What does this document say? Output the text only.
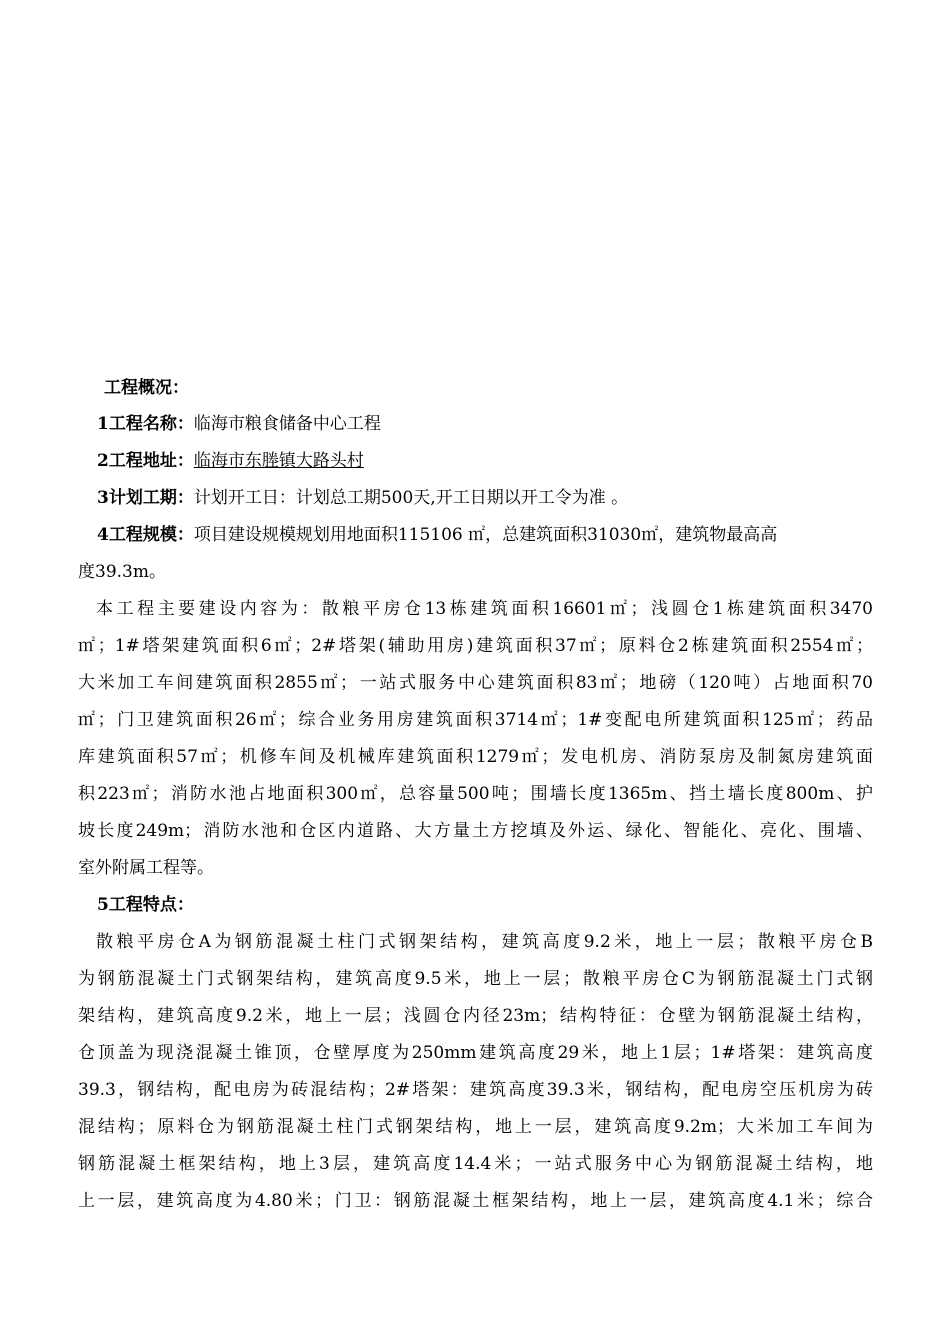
工程概况：
1工程名称：临海市粮食储备中心工程
2工程地址：临海市东塍镇大路头村
3计划工期：计划开工日：计划总工期500天,开工日期以开工令为准 。
4工程规模：项目建设规模规划用地面积115106 ㎡，总建筑面积31030㎡，建筑物最高高
度39.3m。
本工程主要建设内容为：散粮平房仓13栋建筑面积16601㎡；浅圆仓1栋建筑面积3470
㎡；1#塔架建筑面积6㎡；2#塔架(辅助用房)建筑面积37㎡；原料仓2栋建筑面积2554㎡；
大米加工车间建筑面积2855㎡；一站式服务中心建筑面积83㎡；地磅（120吨）占地面积70
㎡；门卫建筑面积26㎡；综合业务用房建筑面积3714㎡；1#变配电所建筑面积125㎡；药品
库建筑面积57㎡；机修车间及机械库建筑面积1279㎡；发电机房、消防泵房及制氮房建筑面
积223㎡；消防水池占地面积300㎡，总容量500吨；围墙长度1365m、挡土墙长度800m、护
坡长度249m；消防水池和仓区内道路、大方量土方挖填及外运、绿化、智能化、亮化、围墙、
室外附属工程等。
5工程特点：
散粮平房仓A为钢筋混凝土柱门式钢架结构，建筑高度9.2米，地上一层；散粮平房仓B
为钢筋混凝土门式钢架结构，建筑高度9.5米，地上一层；散粮平房仓C为钢筋混凝土门式钢
架结构，建筑高度9.2米，地上一层；浅圆仓内径23m；结构特征：仓壁为钢筋混凝土结构，
仓顶盖为现浇混凝土锥顶，仓壁厚度为250mm建筑高度29米，地上1层；1#塔架：建筑高度
39.3，钢结构，配电房为砖混结构；2#塔架：建筑高度39.3米，钢结构，配电房空压机房为砖
混结构；原料仓为钢筋混凝土柱门式钢架结构，地上一层，建筑高度9.2m；大米加工车间为
钢筋混凝土框架结构，地上3层，建筑高度14.4米；一站式服务中心为钢筋混凝土结构，地
上一层，建筑高度为4.80米；门卫：钢筋混凝土框架结构，地上一层，建筑高度4.1米；综合
